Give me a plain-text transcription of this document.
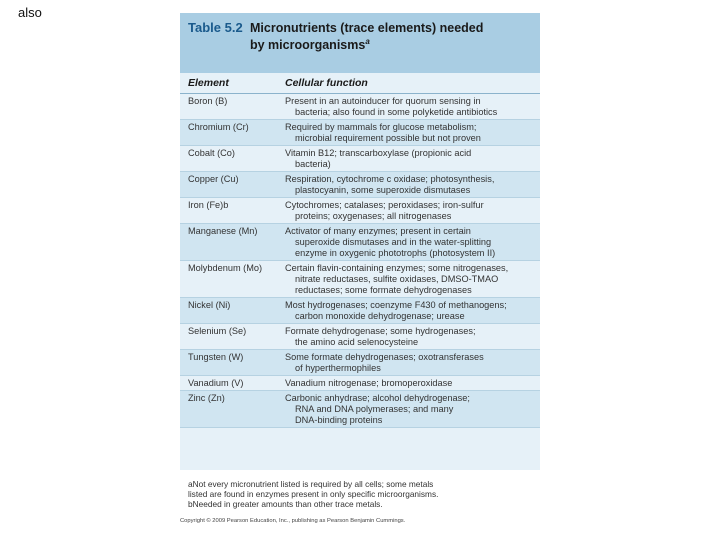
also
Table 5.2 Micronutrients (trace elements) needed
by microorganisms$^a$
Element	Cellular function
Boron (B)	Present in an autoinducer for quorum sensing in
bacteria; also found in some polyketide antibiotics
Chromium (Cr)	Required by mammals for glucose metabolism;
microbial requirement possible but not proven
Cobalt (Co)	Vitamin B12; transcarboxylase (propionic acid
bacteria)
Copper (Cu)	Respiration, cytochrome c oxidase; photosynthesis,
plastocyanin, some superoxide dismutases
Iron (Fe)b	Cytochromes; catalases; peroxidases; iron-sulfur
proteins; oxygenases; all nitrogenases
Manganese (Mn)	Activator of many enzymes; present in certain
superoxide dismutases and in the water-splitting
enzyme in oxygenic phototrophs (photosystem II)
Molybdenum (Mo)	Certain flavin-containing enzymes; some nitrogenases,
nitrate reductases, sulfite oxidases, DMSO-TMAO
reductases; some formate dehydrogenases
Nickel (Ni)	Most hydrogenases; coenzyme F430 of methanogens;
carbon monoxide dehydrogenase; urease
Selenium (Se)	Formate dehydrogenase; some hydrogenases;
the amino acid selenocysteine
Tungsten (W)	Some formate dehydrogenases; oxotransferases
of hyperthermophiles
Vanadium (V)	Vanadium nitrogenase; bromoperoxidase
Zinc (Zn)	Carbonic anhydrase; alcohol dehydrogenase;
RNA and DNA polymerases; and many
DNA-binding proteins
aNot every micronutrient listed is required by all cells; some metals
listed are found in enzymes present in only specific microorganisms.
bNeeded in greater amounts than other trace metals.
Copyright © 2009 Pearson Education, Inc., publishing as Pearson Benjamin Cummings.
